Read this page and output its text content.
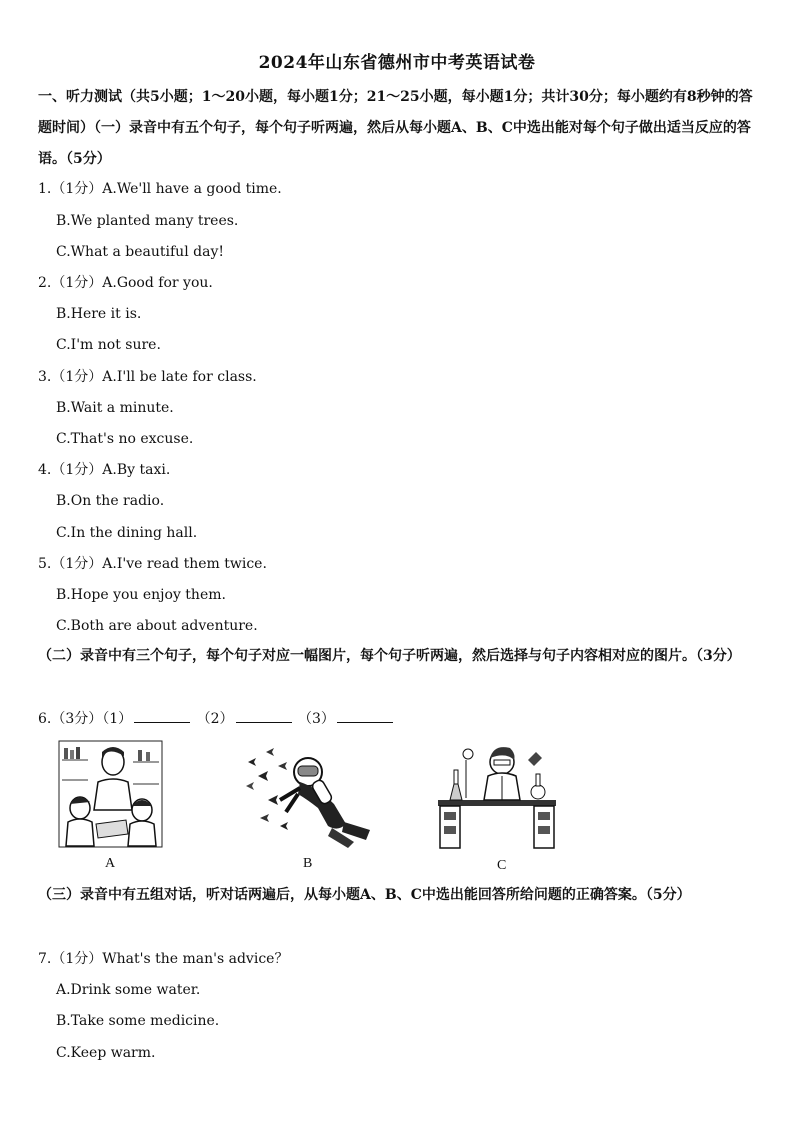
2024年山东省德州市中考英语试卷
一、听力测试（共5小题；1～20小题，每小题1分；21～25小题，每小题1分；共计30分；每小题约有8秒钟的答题时间）（一）录音中有五个句子，每个句子听两遍，然后从每小题A、B、C中选出能对每个句子做出适当反应的答语。（5分）
1.（1分）A.We'll have a good time.
B.We planted many trees.
C.What a beautiful day!
2.（1分）A.Good for you.
B.Here it is.
C.I'm not sure.
3.（1分）A.I'll be late for class.
B.Wait a minute.
C.That's no excuse.
4.（1分）A.By taxi.
B.On the radio.
C.In the dining hall.
5.（1分）A.I've read them twice.
B.Hope you enjoy them.
C.Both are about adventure.
（二）录音中有三个句子，每个句子对应一幅图片，每个句子听两遍，然后选择与句子内容相对应的图片。（3分）
6.（3分）（1）	（2）	（3）
A	B	C
（三）录音中有五组对话，听对话两遍后，从每小题A、B、C中选出能回答所给问题的正确答案。（5分）
7.（1分）What's the man's advice？
A.Drink some water.
B.Take some medicine.
C.Keep warm.
